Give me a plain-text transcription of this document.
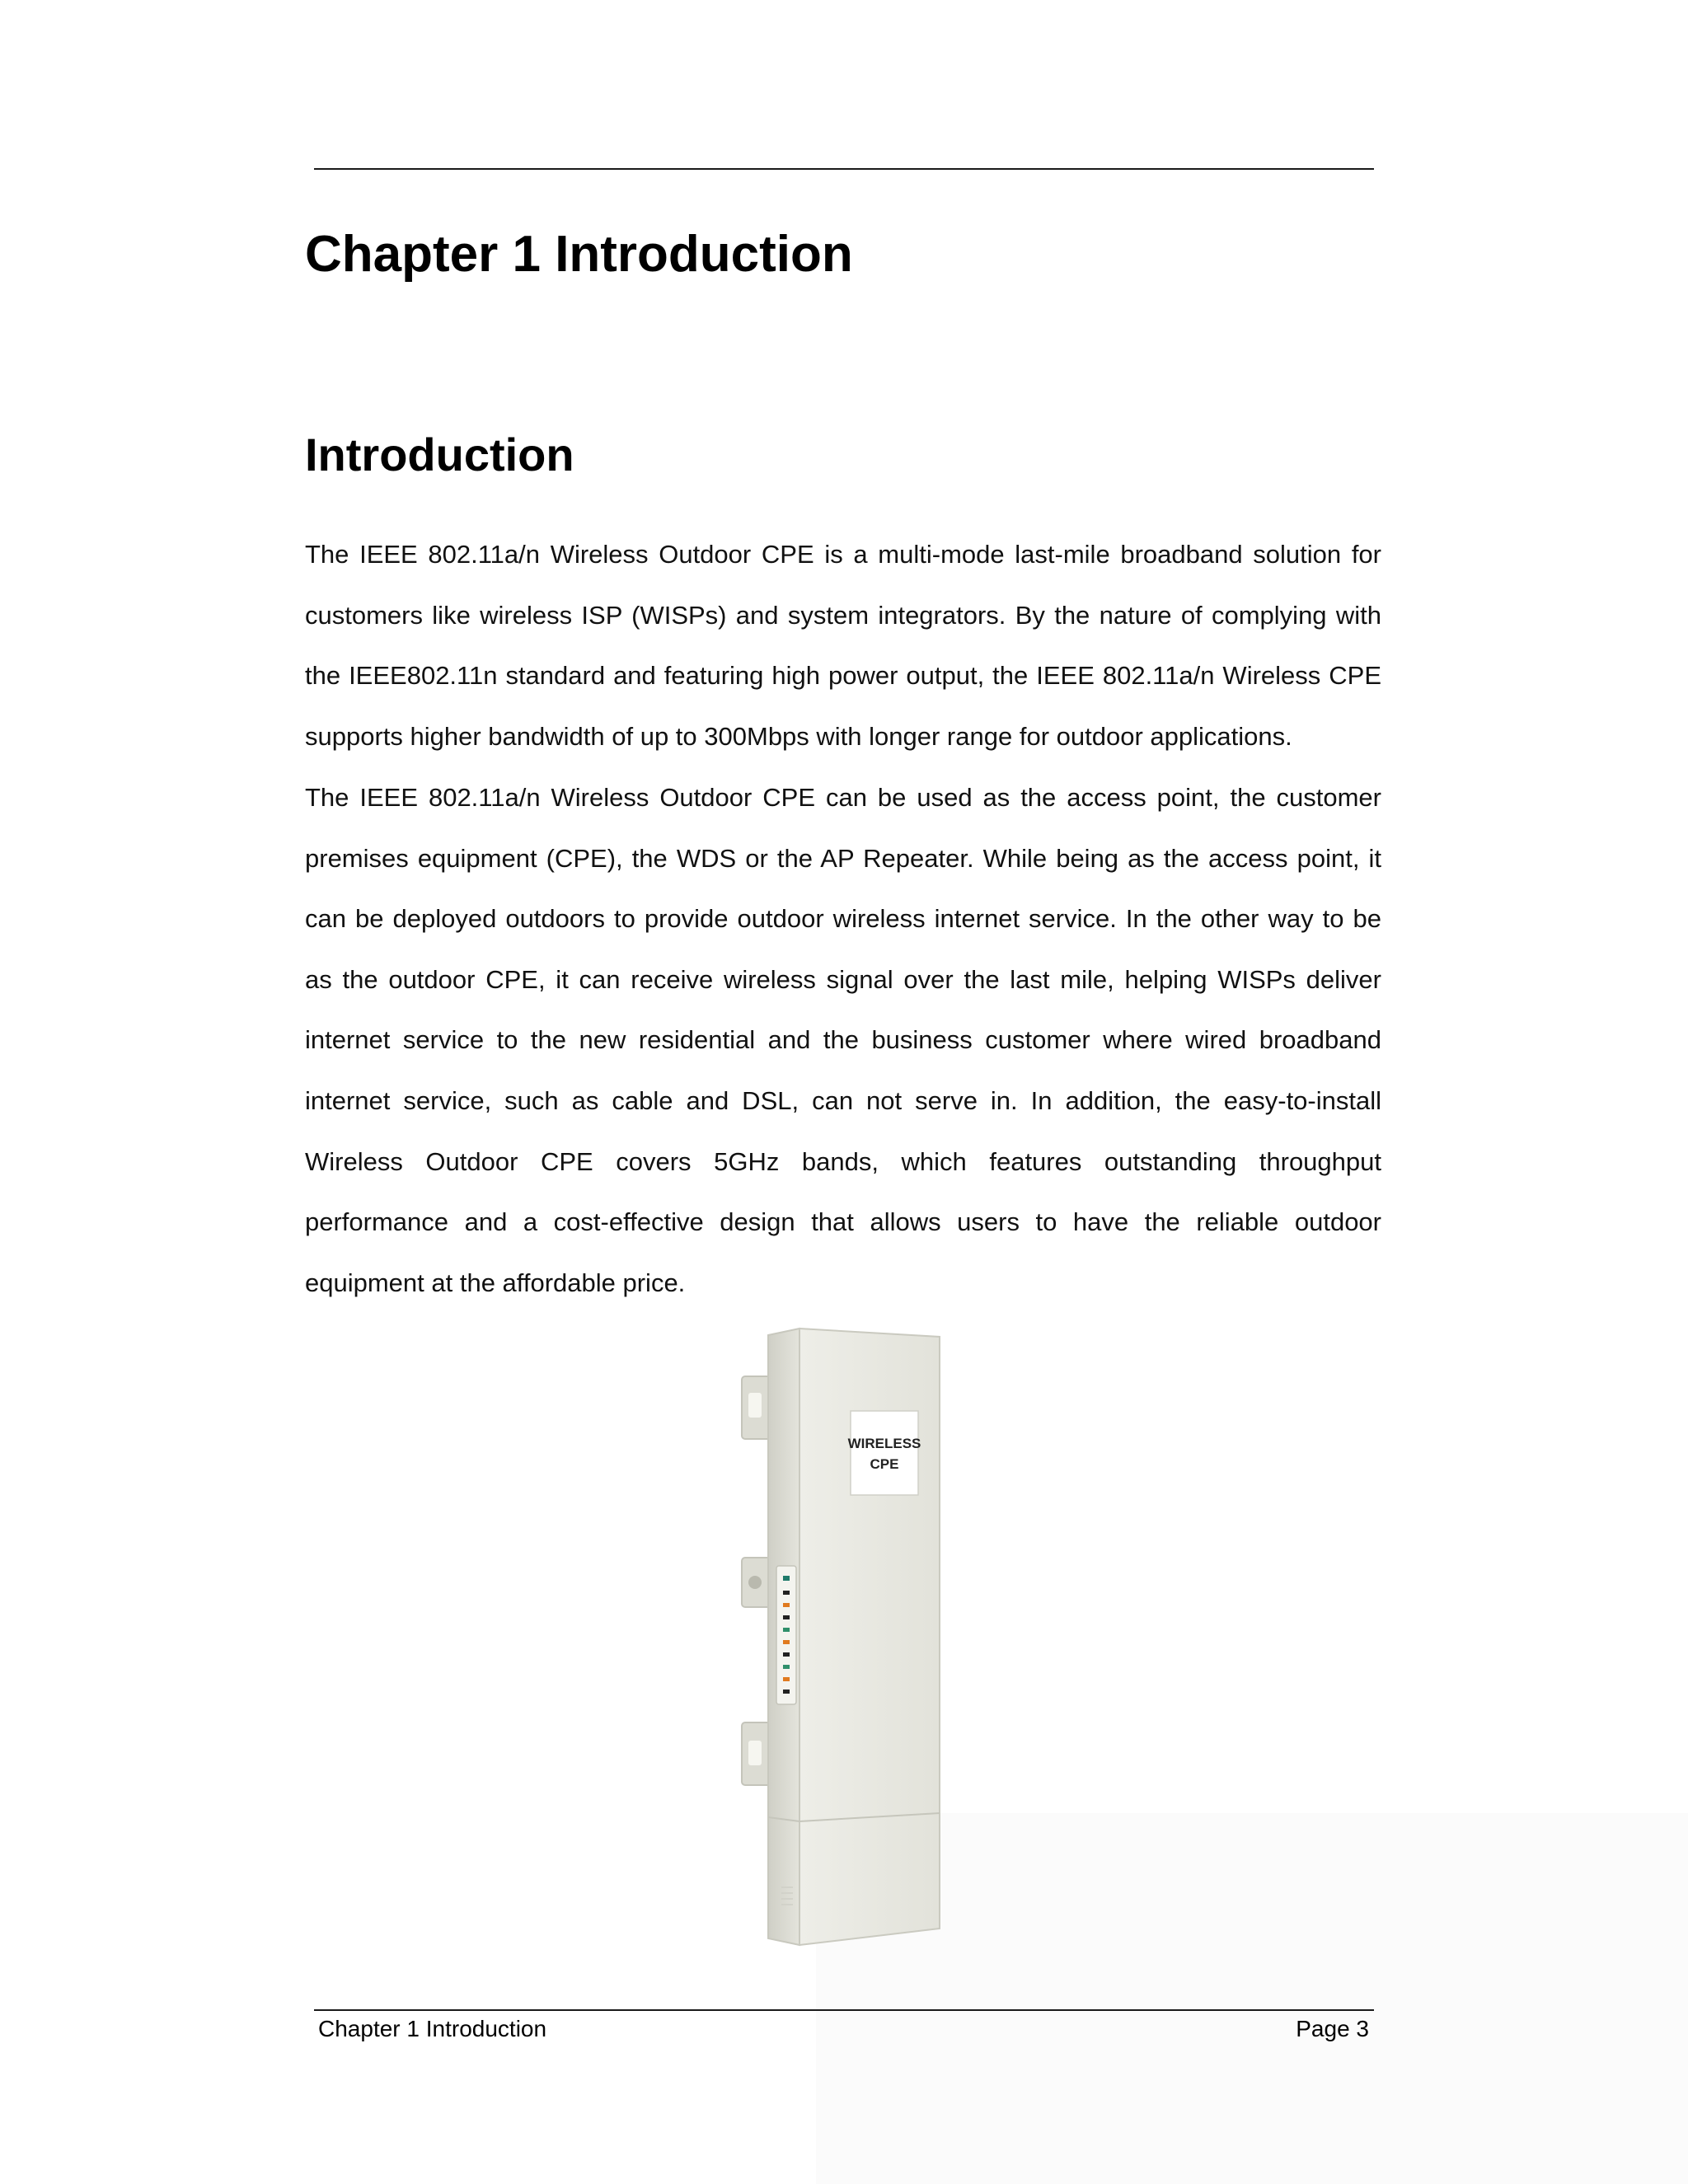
Chapter 1 Introduction
Introduction

The IEEE 802.11a/n Wireless Outdoor CPE is a multi-mode last-mile broadband solution for customers like wireless ISP (WISPs) and system integrators. By the nature of complying with the IEEE802.11n standard and featuring high power output, the IEEE 802.11a/n Wireless CPE supports higher bandwidth of up to 300Mbps with longer range for outdoor applications.

The IEEE 802.11a/n Wireless Outdoor CPE can be used as the access point, the customer premises equipment (CPE), the WDS or the AP Repeater. While being as the access point, it can be deployed outdoors to provide outdoor wireless internet service. In the other way to be as the outdoor CPE, it can receive wireless signal over the last mile, helping WISPs deliver internet service to the new residential and the business customer where wired broadband internet service, such as cable and DSL, can not serve in. In addition, the easy-to-install Wireless Outdoor CPE covers 5GHz bands, which features outstanding throughput performance and a cost-effective design that allows users to have the reliable outdoor equipment at the affordable price.

WIRELESS
CPE
Chapter 1 Introduction	Page 3
